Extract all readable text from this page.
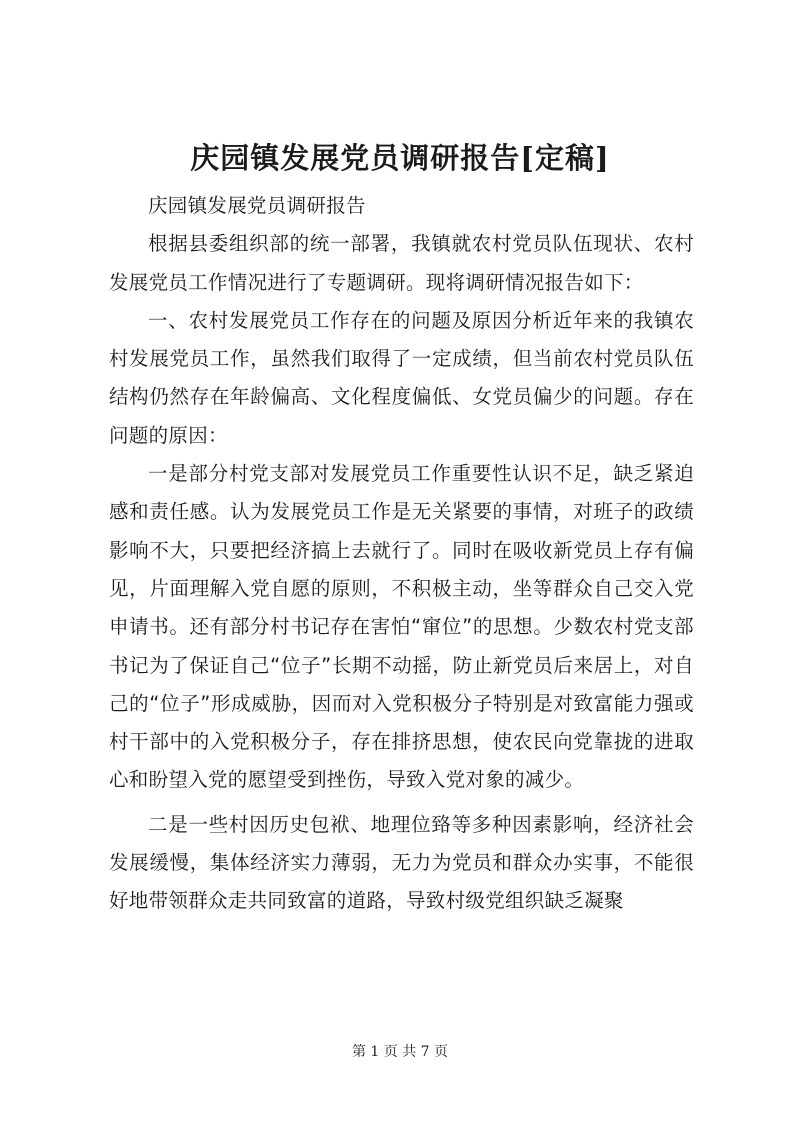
庆园镇发展党员调研报告[定稿]

庆园镇发展党员调研报告

根据县委组织部的统一部署，我镇就农村党员队伍现状、农村发展党员工作情况进行了专题调研。现将调研情况报告如下：

一、农村发展党员工作存在的问题及原因分析近年来的我镇农村发展党员工作，虽然我们取得了一定成绩，但当前农村党员队伍结构仍然存在年龄偏高、文化程度偏低、女党员偏少的问题。存在问题的原因：

一是部分村党支部对发展党员工作重要性认识不足，缺乏紧迫感和责任感。认为发展党员工作是无关紧要的事情，对班子的政绩影响不大，只要把经济搞上去就行了。同时在吸收新党员上存有偏见，片面理解入党自愿的原则，不积极主动，坐等群众自己交入党申请书。还有部分村书记存在害怕“窜位”的思想。少数农村党支部书记为了保证自己“位子”长期不动摇，防止新党员后来居上，对自己的“位子”形成威胁，因而对入党积极分子特别是对致富能力强或村干部中的入党积极分子，存在排挤思想，使农民向党靠拢的进取心和盼望入党的愿望受到挫伤，导致入党对象的减少。

二是一些村因历史包袱、地理位臵等多种因素影响，经济社会发展缓慢，集体经济实力薄弱，无力为党员和群众办实事，不能很好地带领群众走共同致富的道路，导致村级党组织缺乏凝聚

第 1 页 共 7 页
